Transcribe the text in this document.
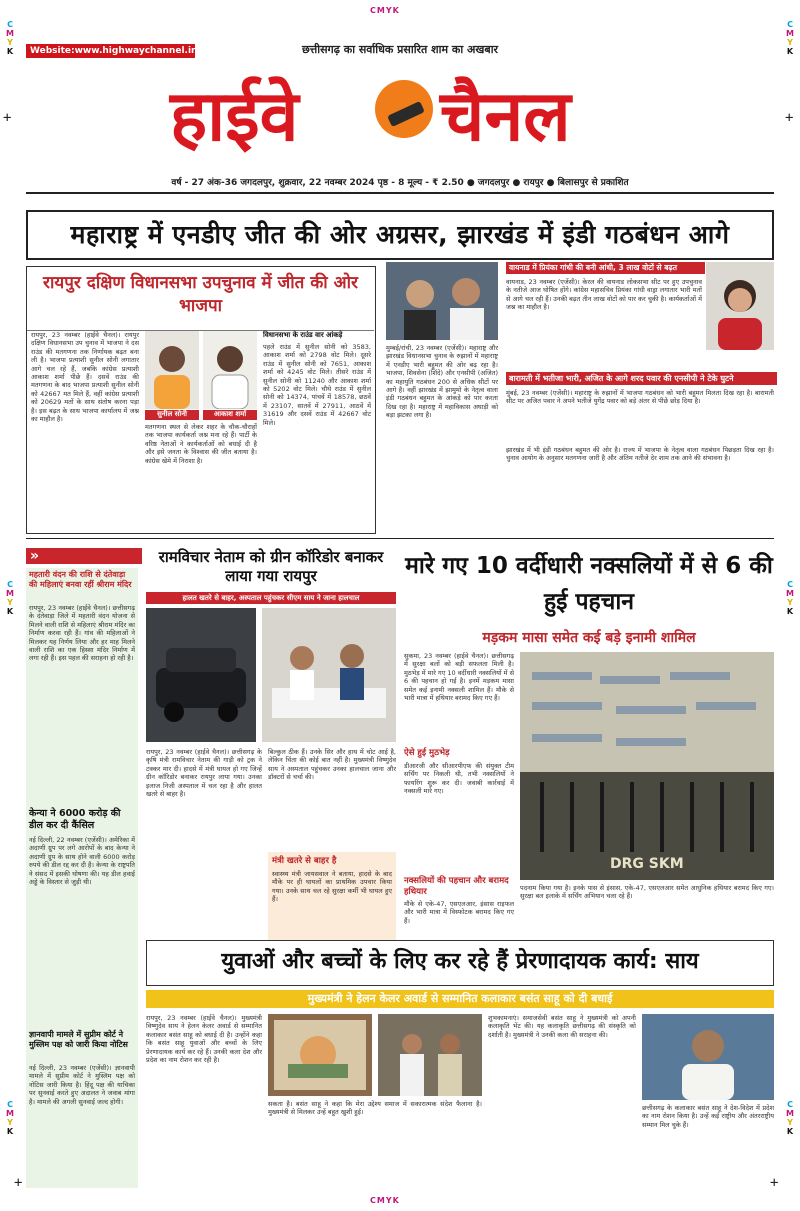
CMYK
CMYK
C
M
Y
K
C
M
Y
K
C
M
Y
K
C
M
Y
K
C
M
Y
K
C
M
Y
K
+	+
+	+
Website:www.highwaychannel.in	छत्तीसगढ़ का सर्वाधिक प्रसारित शाम का अखबार
हाईवे चैनल
वर्ष - 27 अंक-36 जगदलपुर, शुक्रवार, 22 नवम्बर 2024 पृष्ठ - 8 मूल्य - ₹ 2.50 ● जगदलपुर ● रायपुर ● बिलासपुर से प्रकाशित
महाराष्ट्र में एनडीए जीत की ओर अग्रसर, झारखंड में इंडी गठबंधन आगे
रायपुर दक्षिण विधानसभा उपचुनाव में जीत की ओर भाजपा
रायपुर, 23 नवम्बर (हाईवे चैनल)। रायपुर दक्षिण विधानसभा उप चुनाव में भाजपा ने दस राउंड की मतगणना तक निर्णायक बढ़त बना ली है। भाजपा प्रत्याशी सुनील सोनी लगातार आगे चल रहे हैं, जबकि कांग्रेस प्रत्याशी आकाश शर्मा पीछे हैं। दसवें राउंड की मतगणना के बाद भाजपा प्रत्याशी सुनील सोनी को 42667 मत मिले हैं, वहीं कांग्रेस प्रत्याशी को 20629 मतों के साथ संतोष करना पड़ा है। इस बढ़त के साथ भाजपा कार्यालय में जश्न का माहौल है।
सुनील सोनी	आकाश शर्मा
मतगणना स्थल से लेकर शहर के चौक-चौराहों तक भाजपा कार्यकर्ता जश्न मना रहे हैं। पार्टी के वरिष्ठ नेताओं ने कार्यकर्ताओं को बधाई दी है और इसे जनता के विश्वास की जीत बताया है। कांग्रेस खेमे में निराशा है।
विधानसभा के राउंड वार आंकड़े
पहले राउंड में सुनील सोनी को 3583, आकाश शर्मा को 2798 वोट मिले। दूसरे राउंड में सुनील सोनी को 7651, आकाश शर्मा को 4245 वोट मिले। तीसरे राउंड में सुनील सोनी को 11240 और आकाश शर्मा को 5202 वोट मिले। चौथे राउंड में सुनील सोनी को 14374, पांचवें में 18578, छठवें में 23107, सातवें में 27911, आठवें में 31619 और दसवें राउंड में 42667 वोट मिले।
मुम्बई/रांची, 23 नवम्बर (एजेंसी)। महाराष्ट्र और झारखंड विधानसभा चुनाव के रुझानों में महाराष्ट्र में एनडीए भारी बहुमत की ओर बढ़ रहा है। भाजपा, शिवसेना (शिंदे) और एनसीपी (अजित) का महायुति गठबंधन 200 से अधिक सीटों पर आगे है। वहीं झारखंड में झामुमो के नेतृत्व वाला इंडी गठबंधन बहुमत के आंकड़े को पार करता दिख रहा है। महाराष्ट्र में महाविकास अघाड़ी को बड़ा झटका लगा है।
वायनाड में प्रियंका गांधी की बनी आंधी, 3 लाख वोटों से बढ़त
वायनाड, 23 नवम्बर (एजेंसी)। केरल की वायनाड लोकसभा सीट पर हुए उपचुनाव के नतीजे आज घोषित होंगे। कांग्रेस महासचिव प्रियंका गांधी वाड्रा लगातार भारी मतों से आगे चल रही हैं। उनकी बढ़त तीन लाख वोटों को पार कर चुकी है। कार्यकर्ताओं में जश्न का माहौल है।
बारामती में भतीजा भारी, अजित के आगे शरद पवार की एनसीपी ने टेके घुटने
मुंबई, 23 नवम्बर (एजेंसी)। महाराष्ट्र के रुझानों में भाजपा गठबंधन को भारी बहुमत मिलता दिख रहा है। बारामती सीट पर अजित पवार ने अपने भतीजे युगेंद्र पवार को बड़े अंतर से पीछे छोड़ दिया है।
झारखंड में भी इंडी गठबंधन बहुमत की ओर है। राज्य में भाजपा के नेतृत्व वाला गठबंधन पिछड़ता दिख रहा है। चुनाव आयोग के अनुसार मतगणना जारी है और अंतिम नतीजे देर शाम तक आने की संभावना है।
»
महतारी वंदन की राशि से दंतेवाड़ा की महिलाएं बनवा रहीं श्रीराम मंदिर
रायपुर, 23 नवम्बर (हाईवे चैनल)। छत्तीसगढ़ के दंतेवाड़ा जिले में महतारी वंदन योजना से मिलने वाली राशि से महिलाएं श्रीराम मंदिर का निर्माण करवा रही हैं। गांव की महिलाओं ने मिलकर यह निर्णय लिया और हर माह मिलने वाली राशि का एक हिस्सा मंदिर निर्माण में लगा रही हैं। इस पहल की सराहना हो रही है।
केन्या ने 6000 करोड़ की डील कर दी कैंसिल
नई दिल्ली, 22 नवम्बर (एजेंसी)। अमेरिका में अदाणी ग्रुप पर लगे आरोपों के बाद केन्या ने अदाणी ग्रुप के साथ होने वाली 6000 करोड़ रुपये की डील रद्द कर दी है। केन्या के राष्ट्रपति ने संसद में इसकी घोषणा की। यह डील हवाई अड्डे के विस्तार से जुड़ी थी।
ज्ञानवापी मामले में सुप्रीम कोर्ट ने मुस्लिम पक्ष को जारी किया नोटिस
नई दिल्ली, 23 नवम्बर (एजेंसी)। ज्ञानवापी मामले में सुप्रीम कोर्ट ने मुस्लिम पक्ष को नोटिस जारी किया है। हिंदू पक्ष की याचिका पर सुनवाई करते हुए अदालत ने जवाब मांगा है। मामले की अगली सुनवाई जल्द होगी।
रामविचार नेताम को ग्रीन कॉरिडोर बनाकर लाया गया रायपुर
हालत खतरे से बाहर, अस्पताल पहुंचकर सीएम साय ने जाना हालचाल
रायपुर, 23 नवम्बर (हाईवे चैनल)। छत्तीसगढ़ के कृषि मंत्री रामविचार नेताम की गाड़ी को ट्रक ने टक्कर मार दी। हादसे में मंत्री घायल हो गए जिन्हें ग्रीन कॉरिडोर बनाकर रायपुर लाया गया। उनका इलाज निजी अस्पताल में चल रहा है और हालत खतरे से बाहर है।
बिल्कुल ठीक हैं। उनके सिर और हाथ में चोट आई है, लेकिन चिंता की कोई बात नहीं है। मुख्यमंत्री विष्णुदेव साय ने अस्पताल पहुंचकर उनका हालचाल जाना और डॉक्टरों से चर्चा की।
मंत्री खतरे से बाहर है
स्वास्थ्य मंत्री जायसवाल ने बताया, हादसे के बाद मौके पर ही घायलों का प्राथमिक उपचार किया गया। उनके साथ चल रहे सुरक्षा कर्मी भी घायल हुए हैं।
मारे गए 10 वर्दीधारी नक्सलियों में से 6 की हुई पहचान
मड़कम मासा समेत कई बड़े इनामी शामिल
सुकमा, 23 नवम्बर (हाईवे चैनल)। छत्तीसगढ़ में सुरक्षा बलों को बड़ी सफलता मिली है। मुठभेड़ में मारे गए 10 वर्दीधारी नक्सलियों में से 6 की पहचान हो गई है। इनमें मड़कम मासा समेत कई इनामी नक्सली शामिल हैं। मौके से भारी मात्रा में हथियार बरामद किए गए हैं।
ऐसे हुई मुठभेड़
डीआरजी और सीआरपीएफ की संयुक्त टीम सर्चिंग पर निकली थी, तभी नक्सलियों ने फायरिंग शुरू कर दी। जवाबी कार्रवाई में नक्सली मारे गए।
नक्सलियों की पहचान और बरामद हथियार
मौके से एके-47, एसएलआर, इंसास राइफल और भारी मात्रा में विस्फोटक बरामद किए गए हैं।
DRG SKM
पदनाम किया गया है। इनके पास से इंसास, एके-47, एसएलआर समेत आधुनिक हथियार बरामद किए गए। सुरक्षा बल इलाके में सर्चिंग अभियान चला रहे हैं।
युवाओं और बच्चों के लिए कर रहे हैं प्रेरणादायक कार्य: साय
मुख्यमंत्री ने हेलन केलर अवार्ड से सम्मानित कलाकार बसंत साहू को दी बधाई
रायपुर, 23 नवम्बर (हाईवे चैनल)। मुख्यमंत्री विष्णुदेव साय ने हेलन केलर अवार्ड से सम्मानित कलाकार बसंत साहू को बधाई दी है। उन्होंने कहा कि बसंत साहू युवाओं और बच्चों के लिए प्रेरणादायक कार्य कर रहे हैं। उनकी कला देश और प्रदेश का नाम रोशन कर रही है।
सकता है। बसंत साहू ने कहा कि मेरा उद्देश्य समाज में सकारात्मक संदेश फैलाना है। मुख्यमंत्री से मिलकर उन्हें बहुत खुशी हुई।
शुभकामनाएं। समाजसेवी बसंत साहू ने मुख्यमंत्री को अपनी कलाकृति भेंट की। यह कलाकृति छत्तीसगढ़ की संस्कृति को दर्शाती है। मुख्यमंत्री ने उनकी कला की सराहना की।
छत्तीसगढ़ के कलाकार बसंत साहू ने देश-विदेश में प्रदेश का नाम रोशन किया है। उन्हें कई राष्ट्रीय और अंतरराष्ट्रीय सम्मान मिल चुके हैं।
